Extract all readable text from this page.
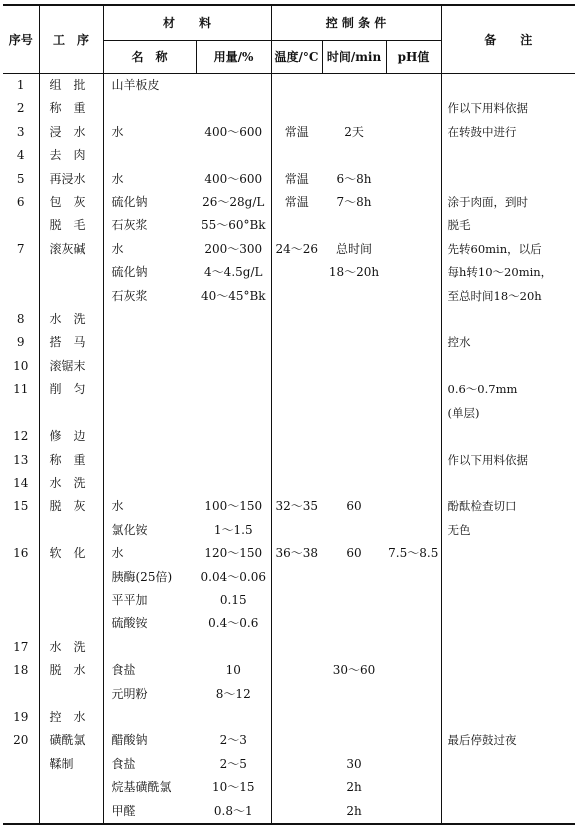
序号	工　序	材　　料		控 制 条 件			备　　注
		名　称	用量/%	温度/°C	时间/min	pH值	
1	组　批	山羊板皮					
2	称　重						作以下用料依据
3	浸　水	水	400～600	常温	2天		在转鼓中进行
4	去　肉						
5	再浸水	水	400～600	常温	6～8h		
6	包　灰	硫化钠	26～28g/L	常温	7～8h		涂于肉面，到时
	脱　毛	石灰浆	55～60°Bk				脱毛
7	滚灰碱	水	200～300	24～26	总时间		先转60min，以后
		硫化钠	4～4.5g/L		18～20h		每h转10～20min，
		石灰浆	40～45°Bk				至总时间18～20h
8	水　洗						
9	搭　马						控水
10	滚锯末						
11	削　匀						0.6～0.7mm
							(单层)
12	修　边						
13	称　重						作以下用料依据
14	水　洗						
15	脱　灰	水	100～150	32～35	60		酚酞检查切口
		氯化铵	1～1.5				无色
16	软　化	水	120～150	36～38	60	7.5～8.5	
		胰酶(25倍)	0.04～0.06				
		平平加	0.15				
		硫酸铵	0.4～0.6				
17	水　洗						
18	脱　水	食盐	10		30～60		
		元明粉	8～12				
19	控　水						
20	磺酰氯	醋酸钠	2～3				最后停鼓过夜
	鞣制	食盐	2～5		30		
		烷基磺酰氯	10～15		2h		
		甲醛	0.8～1		2h		
